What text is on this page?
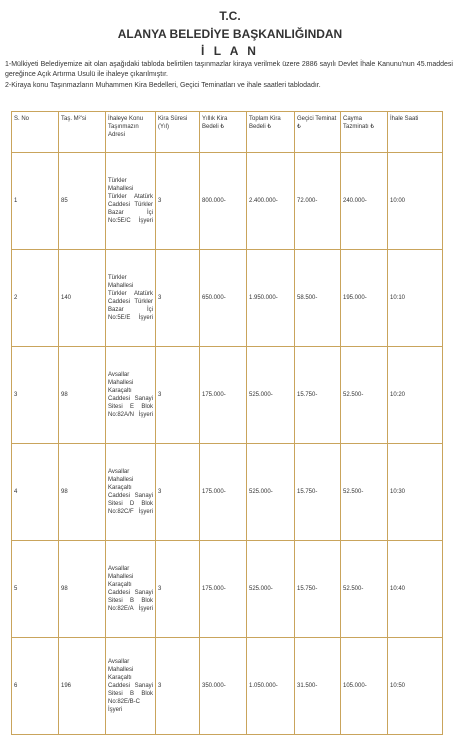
T.C.
ALANYA BELEDİYE BAŞKANLIĞINDAN
İ L A N

1-Mülkiyeti Belediyemize ait olan aşağıdaki tabloda belirtilen taşınmazlar kiraya verilmek üzere 2886 sayılı Devlet İhale Kanunu'nun 45.maddesi gereğince Açık Artırma Usulü ile ihaleye çıkarılmıştır.

2-Kiraya konu Taşınmazların Muhammen Kira Bedelleri, Geçici Teminatları ve ihale saatleri tablodadır.

S. No	Taş. M²'si	İhaleye Konu Taşınmazın Adresi	Kira Süresi (Yıl)	Yıllık Kira Bedeli ₺	Toplam Kira Bedeli ₺	Geçici Teminat ₺	Cayma Tazminatı ₺	İhale Saati
1	85	Türkler Mahallesi Türkler Atatürk Caddesi Türkler Bazar İçi No:5E/C İşyeri	3	800.000-	2.400.000-	72.000-	240.000-	10:00
2	140	Türkler Mahallesi Türkler Atatürk Caddesi Türkler Bazar İçi No:5E/E İşyeri	3	650.000-	1.950.000-	58.500-	195.000-	10:10
3	98	Avsallar Mahallesi Karaçaltı Caddesi Sanayi Sitesi E Blok No:82A/N İşyeri	3	175.000-	525.000-	15.750-	52.500-	10:20
4	98	Avsallar Mahallesi Karaçaltı Caddesi Sanayi Sitesi D Blok No:82C/F İşyeri	3	175.000-	525.000-	15.750-	52.500-	10:30
5	98	Avsallar Mahallesi Karaçaltı Caddesi Sanayi Sitesi B Blok No:82E/A İşyeri	3	175.000-	525.000-	15.750-	52.500-	10:40
6	196	Avsallar Mahallesi Karaçaltı Caddesi Sanayi Sitesi B Blok No:82E/B-C İşyeri	3	350.000-	1.050.000-	31.500-	105.000-	10:50
